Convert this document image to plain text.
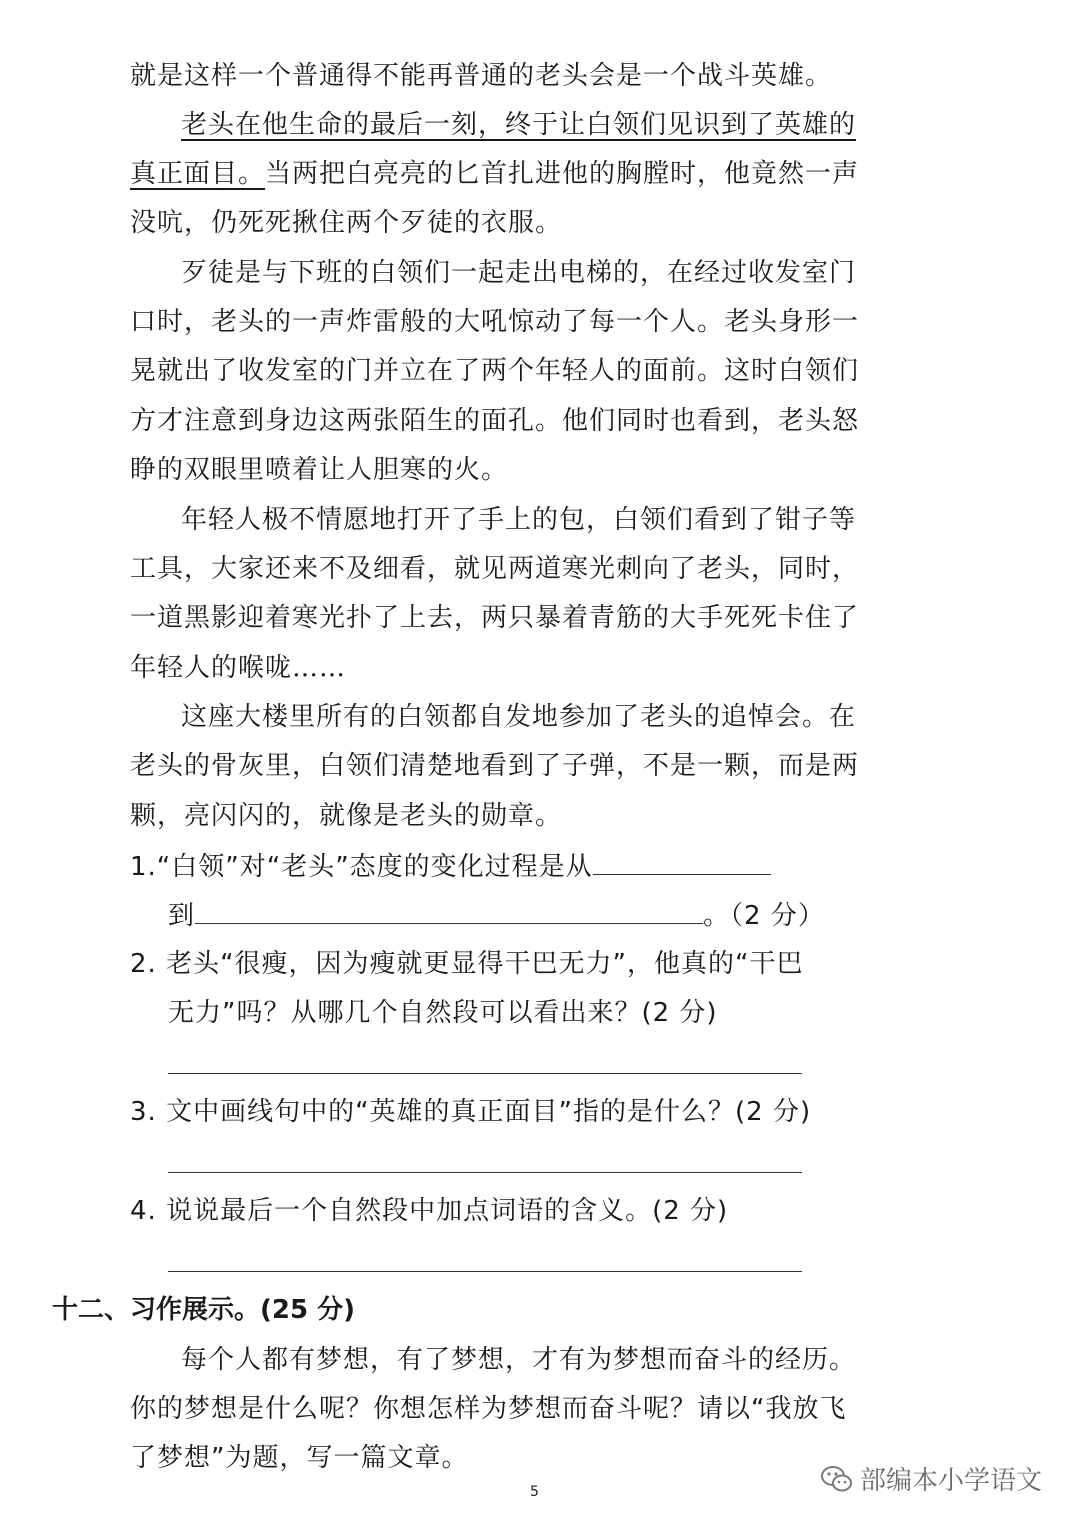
就是这样一个普通得不能再普通的老头会是一个战斗英雄。
老头在他生命的最后一刻，终于让白领们见识到了英雄的
真正面目。当两把白亮亮的匕首扎进他的胸膛时，他竟然一声
没吭，仍死死揪住两个歹徒的衣服。
歹徒是与下班的白领们一起走出电梯的，在经过收发室门
口时，老头的一声炸雷般的大吼惊动了每一个人。老头身形一
晃就出了收发室的门并立在了两个年轻人的面前。这时白领们
方才注意到身边这两张陌生的面孔。他们同时也看到，老头怒
睁的双眼里喷着让人胆寒的火。
年轻人极不情愿地打开了手上的包，白领们看到了钳子等
工具，大家还来不及细看，就见两道寒光刺向了老头，同时，
一道黑影迎着寒光扑了上去，两只暴着青筋的大手死死卡住了
年轻人的喉咙……
这座大楼里所有的白领都自发地参加了老头的追悼会。在
老头的骨灰里，白领们清楚地看到了子弹，不是一颗，而是两
颗，亮闪闪的，就像是老头的勋章。
1.“白领”对“老头”态度的变化过程是从
到	。（2 分）
2. 老头“很瘦，因为瘦就更显得干巴无力”，他真的“干巴
无力”吗？从哪几个自然段可以看出来？(2 分)
3. 文中画线句中的“英雄的真正面目”指的是什么？(2 分)
4. 说说最后一个自然段中加点词语的含义。(2 分)
十二、习作展示。(25 分)
每个人都有梦想，有了梦想，才有为梦想而奋斗的经历。
你的梦想是什么呢？你想怎样为梦想而奋斗呢？请以“我放飞
了梦想”为题，写一篇文章。
5	部编本小学语文
